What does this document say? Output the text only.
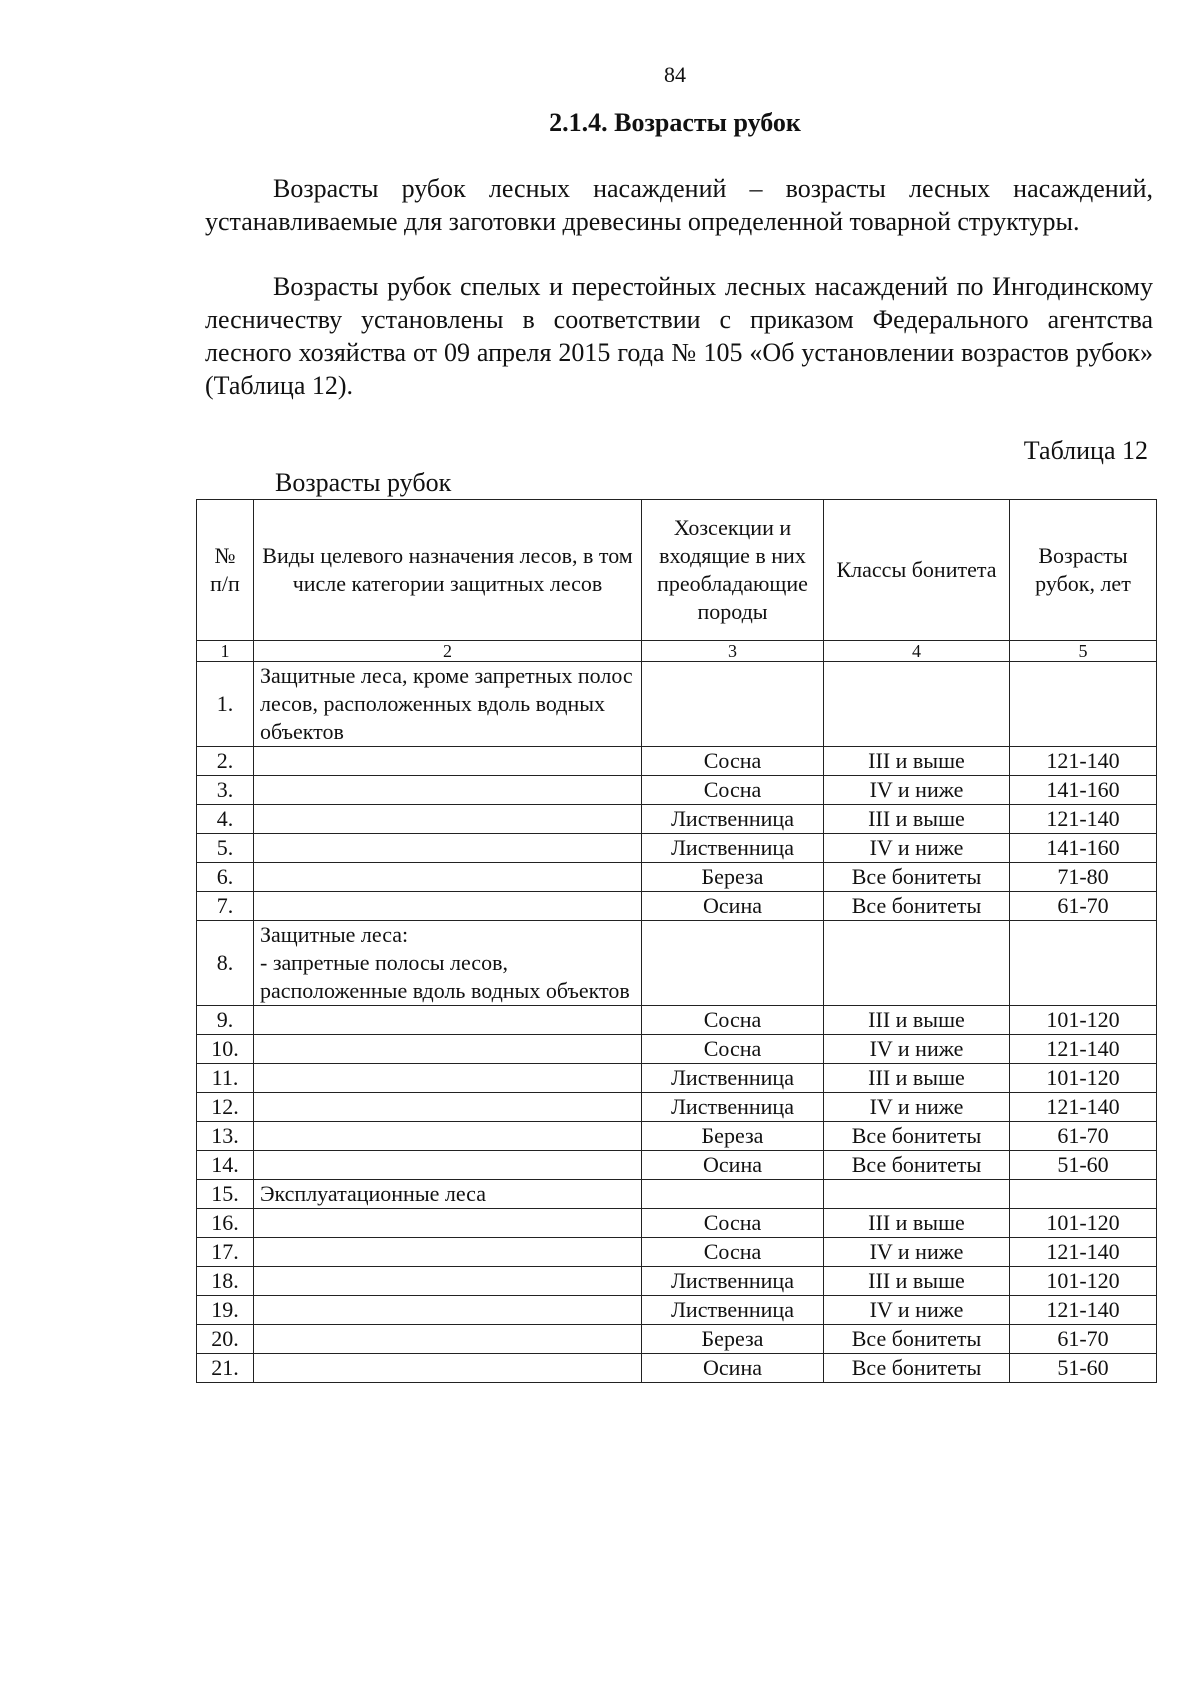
84
2.1.4. Возрасты рубок

Возрасты рубок лесных насаждений – возрасты лесных насаждений, устанавливаемые для заготовки древесины определенной товарной структуры.

Возрасты рубок спелых и перестойных лесных насаждений по Ингодинскому лесничеству установлены в соответствии с приказом Федерального агентства лесного хозяйства от 09 апреля 2015 года № 105 «Об установлении возрастов рубок» (Таблица 12).

Таблица 12
Возрасты рубок
№ п/п	Виды целевого назначения лесов, в том числе категории защитных лесов	Хозсекции и входящие в них преобладающие породы	Классы бонитета	Возрасты рубок, лет
1	2	3	4	5
1.	Защитные леса, кроме запретных полос лесов, расположенных вдоль водных объектов			
2.		Сосна	III и выше	121-140
3.		Сосна	IV и ниже	141-160
4.		Лиственница	III и выше	121-140
5.		Лиственница	IV и ниже	141-160
6.		Береза	Все бонитеты	71-80
7.		Осина	Все бонитеты	61-70
8.	Защитные леса:
- запретные полосы лесов, расположенные вдоль водных объектов			
9.		Сосна	III и выше	101-120
10.		Сосна	IV и ниже	121-140
11.		Лиственница	III и выше	101-120
12.		Лиственница	IV и ниже	121-140
13.		Береза	Все бонитеты	61-70
14.		Осина	Все бонитеты	51-60
15.	Эксплуатационные леса			
16.		Сосна	III и выше	101-120
17.		Сосна	IV и ниже	121-140
18.		Лиственница	III и выше	101-120
19.		Лиственница	IV и ниже	121-140
20.		Береза	Все бонитеты	61-70
21.		Осина	Все бонитеты	51-60
